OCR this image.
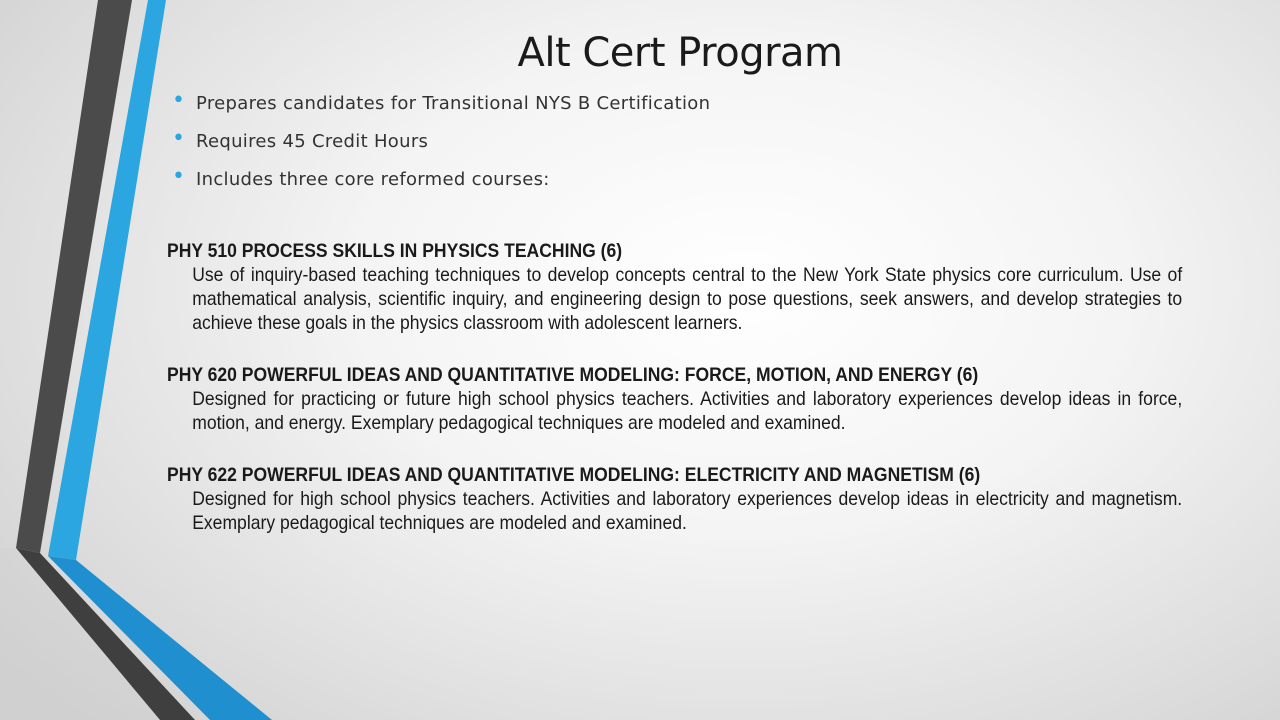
Alt Cert Program
• Prepares candidates for Transitional NYS B Certification
• Requires 45 Credit Hours
• Includes three core reformed courses:
PHY 510 PROCESS SKILLS IN PHYSICS TEACHING (6)
Use of inquiry-based teaching techniques to develop concepts central to the New York State physics core curriculum. Use of mathematical analysis, scientific inquiry, and engineering design to pose questions, seek answers, and develop strategies to achieve these goals in the physics classroom with adolescent learners.
PHY 620 POWERFUL IDEAS AND QUANTITATIVE MODELING: FORCE, MOTION, AND ENERGY (6)
Designed for practicing or future high school physics teachers. Activities and laboratory experiences develop ideas in force, motion, and energy. Exemplary pedagogical techniques are modeled and examined.
PHY 622 POWERFUL IDEAS AND QUANTITATIVE MODELING: ELECTRICITY AND MAGNETISM (6)
Designed for high school physics teachers. Activities and laboratory experiences develop ideas in electricity and magnetism. Exemplary pedagogical techniques are modeled and examined.
